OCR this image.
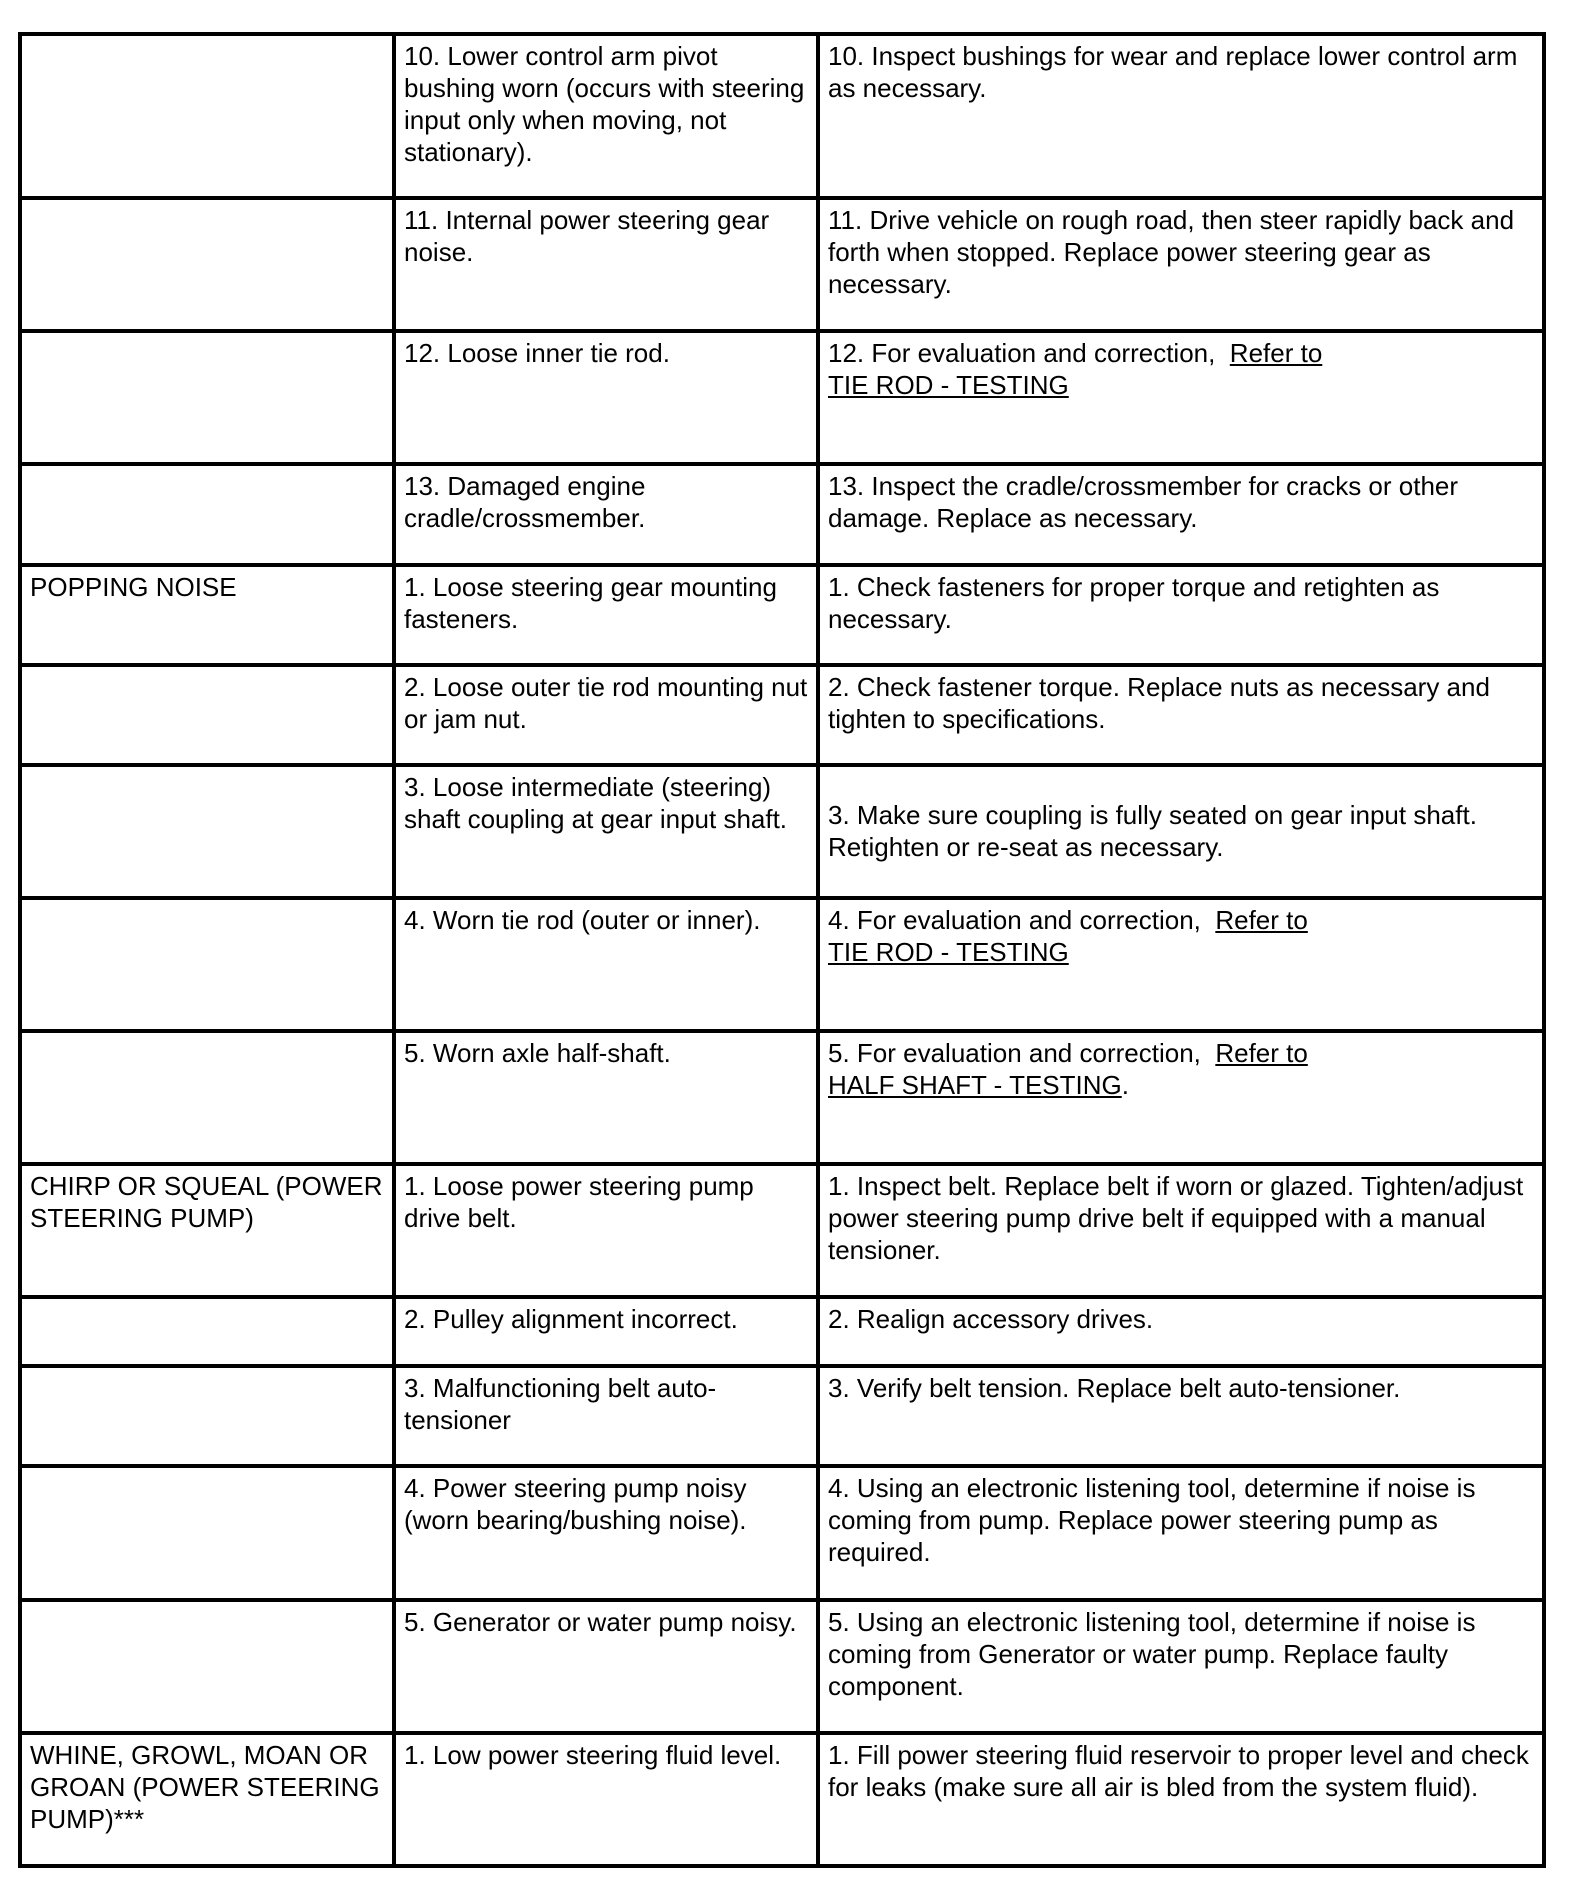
	10. Lower control arm pivot bushing worn (occurs with steering input only when moving, not stationary).	10. Inspect bushings for wear and replace lower control arm as necessary.
	11. Internal power steering gear noise.	11. Drive vehicle on rough road, then steer rapidly back and forth when stopped. Replace power steering gear as necessary.
	12. Loose inner tie rod.	12. For evaluation and correction, Refer to
TIE ROD - TESTING
	13. Damaged engine cradle/crossmember.	13. Inspect the cradle/crossmember for cracks or other damage. Replace as necessary.
POPPING NOISE	1. Loose steering gear mounting fasteners.	1. Check fasteners for proper torque and retighten as necessary.
	2. Loose outer tie rod mounting nut or jam nut.	2. Check fastener torque. Replace nuts as necessary and tighten to specifications.
	3. Loose intermediate (steering) shaft coupling at gear input shaft.	3. Make sure coupling is fully seated on gear input shaft. Retighten or re-seat as necessary.
	4. Worn tie rod (outer or inner).	4. For evaluation and correction, Refer to
TIE ROD - TESTING
	5. Worn axle half-shaft.	5. For evaluation and correction, Refer to
HALF SHAFT - TESTING.
CHIRP OR SQUEAL (POWER STEERING PUMP)	1. Loose power steering pump drive belt.	1. Inspect belt. Replace belt if worn or glazed. Tighten/adjust power steering pump drive belt if equipped with a manual tensioner.
	2. Pulley alignment incorrect.	2. Realign accessory drives.
	3. Malfunctioning belt auto-tensioner	3. Verify belt tension. Replace belt auto-tensioner.
	4. Power steering pump noisy (worn bearing/bushing noise).	4. Using an electronic listening tool, determine if noise is coming from pump. Replace power steering pump as required.
	5. Generator or water pump noisy.	5. Using an electronic listening tool, determine if noise is coming from Generator or water pump. Replace faulty component.
WHINE, GROWL, MOAN OR GROAN (POWER STEERING PUMP)***	1. Low power steering fluid level.	1. Fill power steering fluid reservoir to proper level and check for leaks (make sure all air is bled from the system fluid).
